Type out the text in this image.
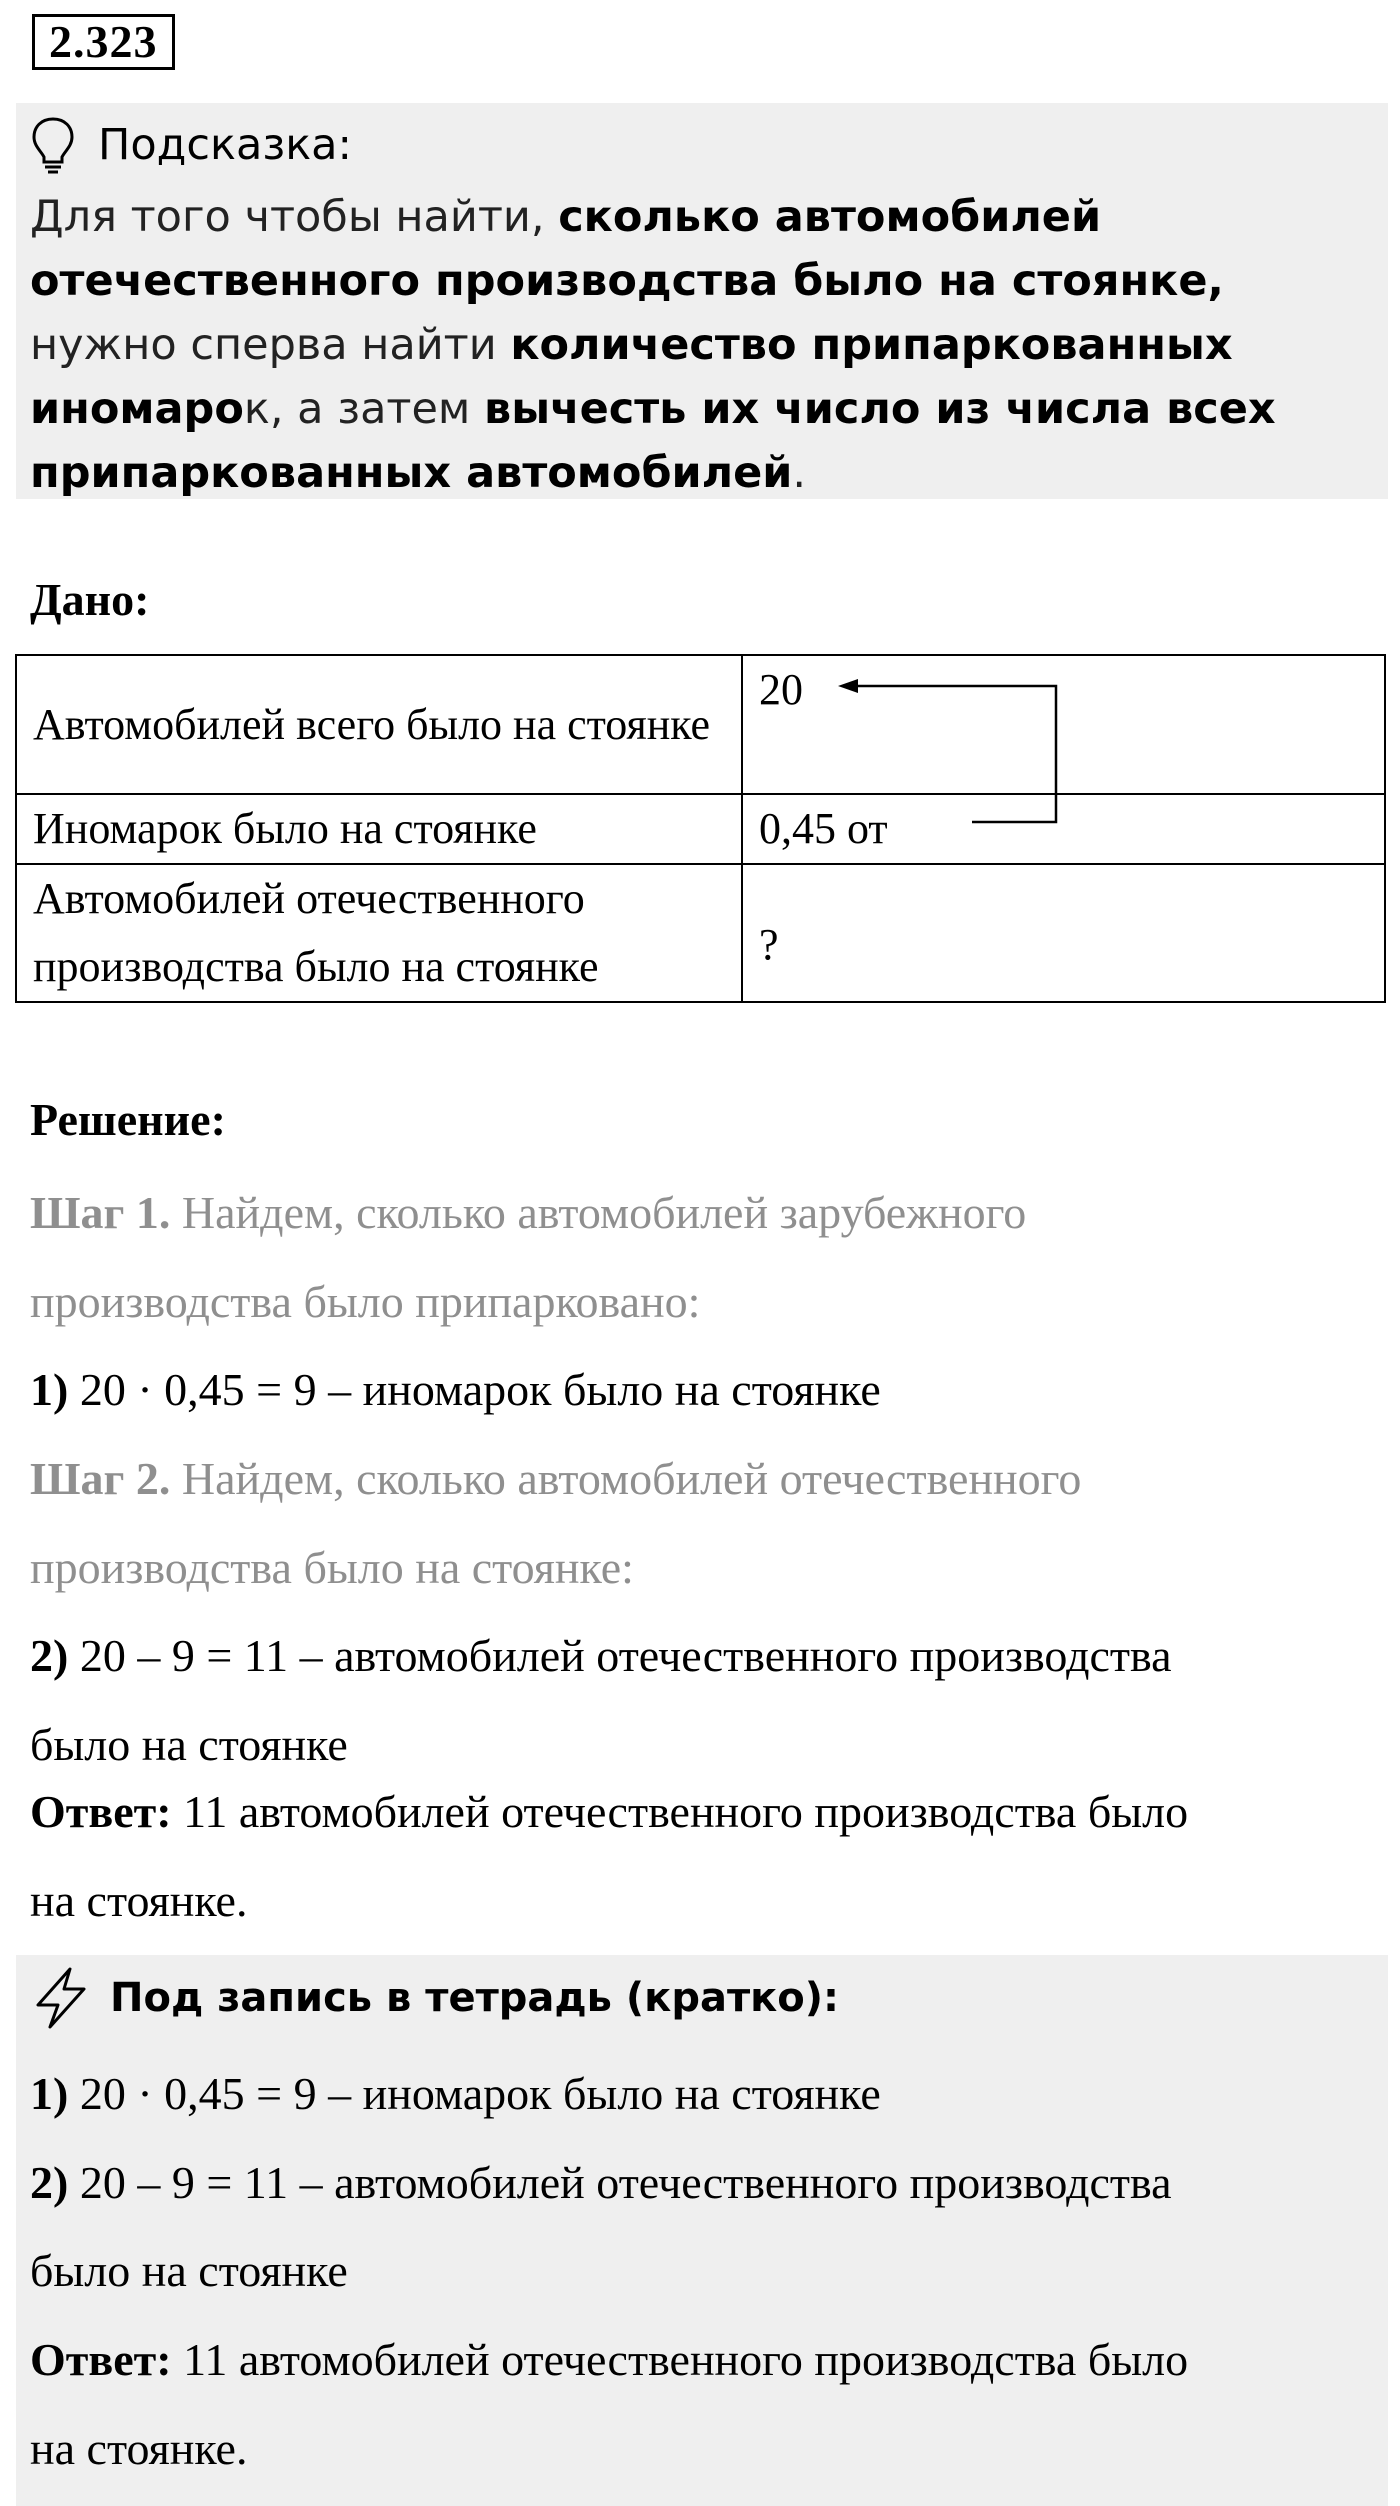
2.323
Подсказка:
Для того чтобы найти, сколько автомобилей отечественного производства было на стоянке, нужно сперва найти количество припаркованных иномарок, а затем вычесть их число из числа всех припаркованных автомобилей.
Дано:
Автомобилей всего было на стоянке	20
Иномарок было на стоянке	0,45 от
Автомобилей отечественного производства было на стоянке	?
Решение:
Шаг 1. Найдем, сколько автомобилей зарубежного
производства было припарковано:
1) 20 · 0,45 = 9 – иномарок было на стоянке
Шаг 2. Найдем, сколько автомобилей отечественного
производства было на стоянке:
2) 20 – 9 = 11 – автомобилей отечественного производства
было на стоянке
Ответ: 11 автомобилей отечественного производства было
на стоянке.
Под запись в тетрадь (кратко):
1) 20 · 0,45 = 9 – иномарок было на стоянке
2) 20 – 9 = 11 – автомобилей отечественного производства
было на стоянке
Ответ: 11 автомобилей отечественного производства было
на стоянке.
